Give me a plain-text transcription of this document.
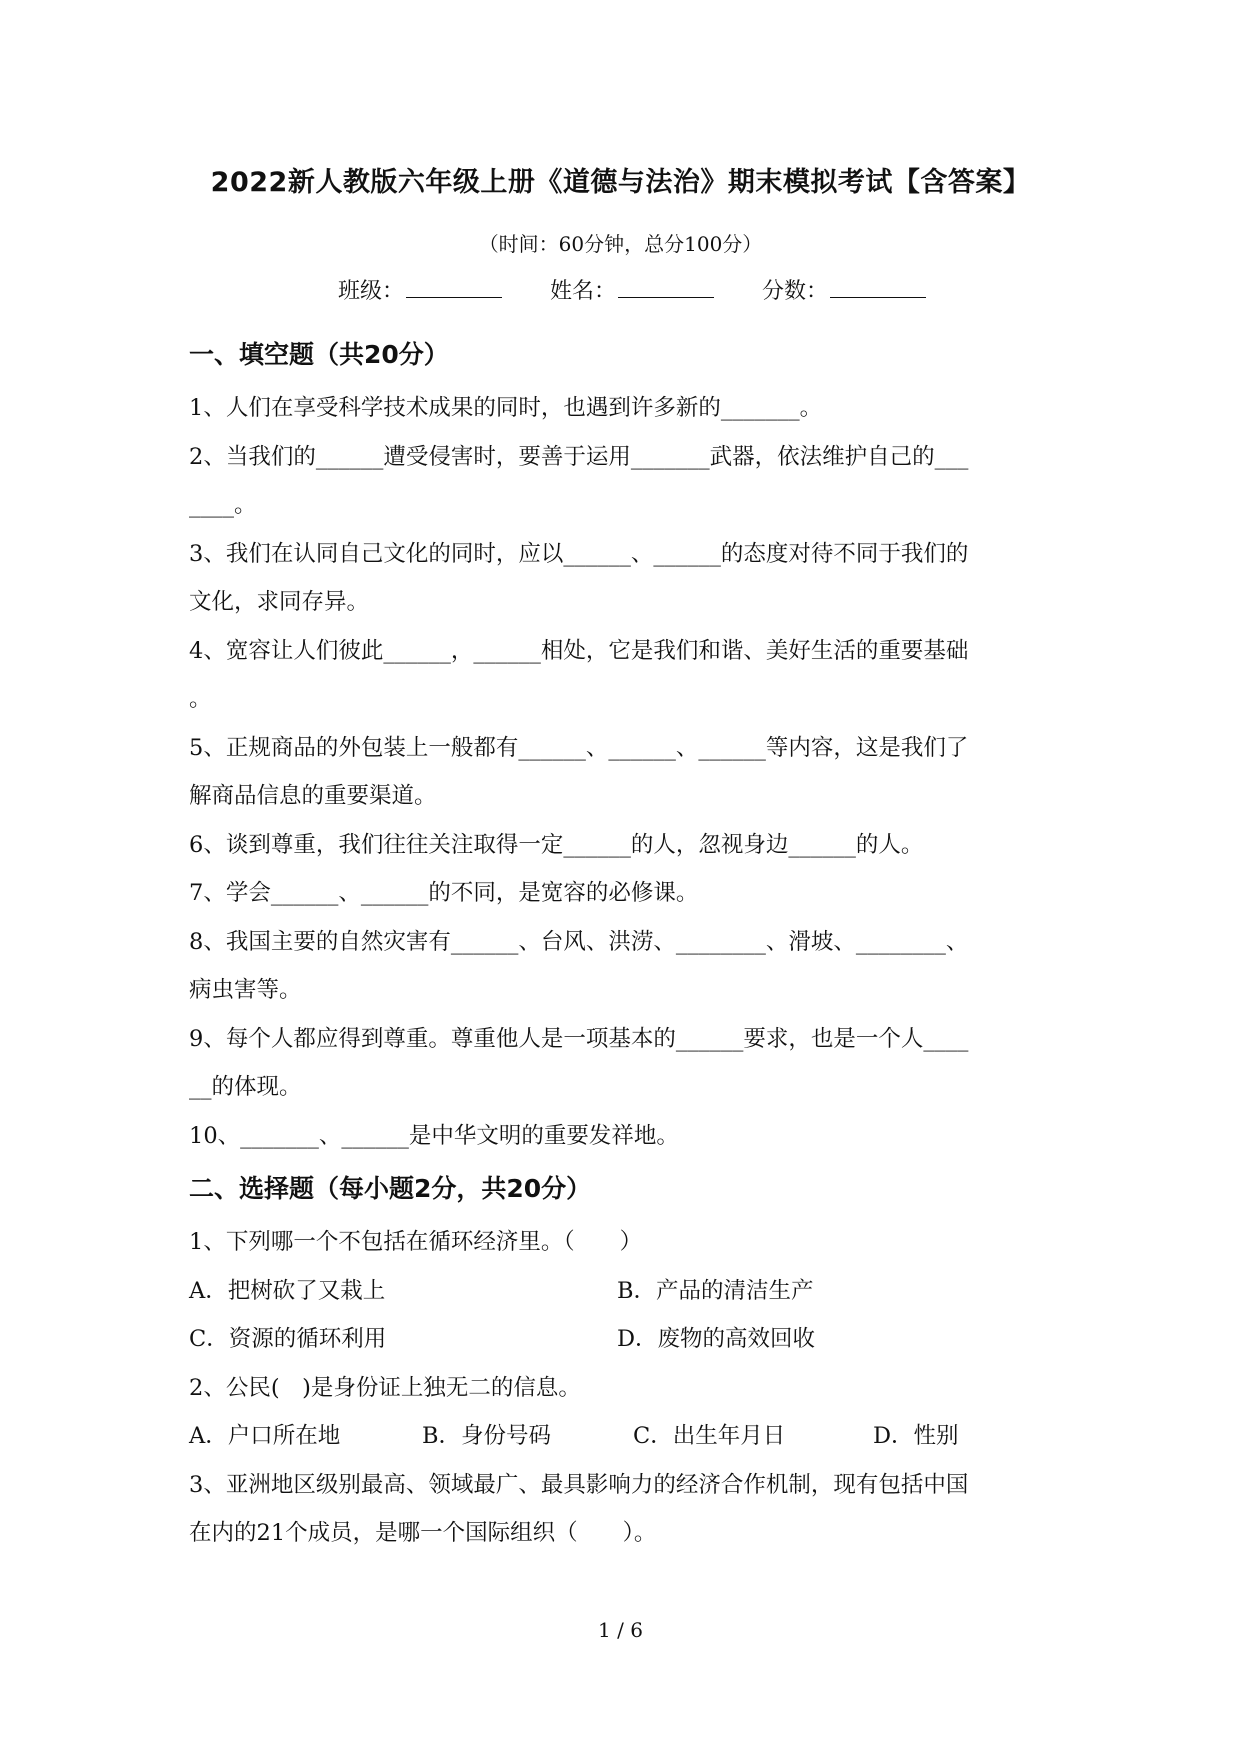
2022新人教版六年级上册《道德与法治》期末模拟考试【含答案】
（时间：60分钟，总分100分）
班级：	姓名：	分数：
一、填空题（共20分）
1、人们在享受科学技术成果的同时，也遇到许多新的_______。
2、当我们的______遭受侵害时，要善于运用_______武器，依法维护自己的___
____。
3、我们在认同自己文化的同时，应以______、______的态度对待不同于我们的
文化，求同存异。
4、宽容让人们彼此______，______相处，它是我们和谐、美好生活的重要基础
。
5、正规商品的外包装上一般都有______、______、______等内容，这是我们了
解商品信息的重要渠道。
6、谈到尊重，我们往往关注取得一定______的人，忽视身边______的人。
7、学会______、______的不同，是宽容的必修课。
8、我国主要的自然灾害有______、台风、洪涝、________、滑坡、________、
病虫害等。
9、每个人都应得到尊重。尊重他人是一项基本的______要求，也是一个人____
__的体现。
10、_______、______是中华文明的重要发祥地。
二、选择题（每小题2分，共20分）
1、下列哪一个不包括在循环经济里。（　　）
A．把树砍了又栽上	B．产品的清洁生产
C．资源的循环利用	D．废物的高效回收
2、公民(　)是身份证上独无二的信息。
A．户口所在地	B．身份号码	C．出生年月日	D．性别
3、亚洲地区级别最高、领域最广、最具影响力的经济合作机制，现有包括中国
在内的21个成员，是哪一个国际组织（　　）。
1 / 6
